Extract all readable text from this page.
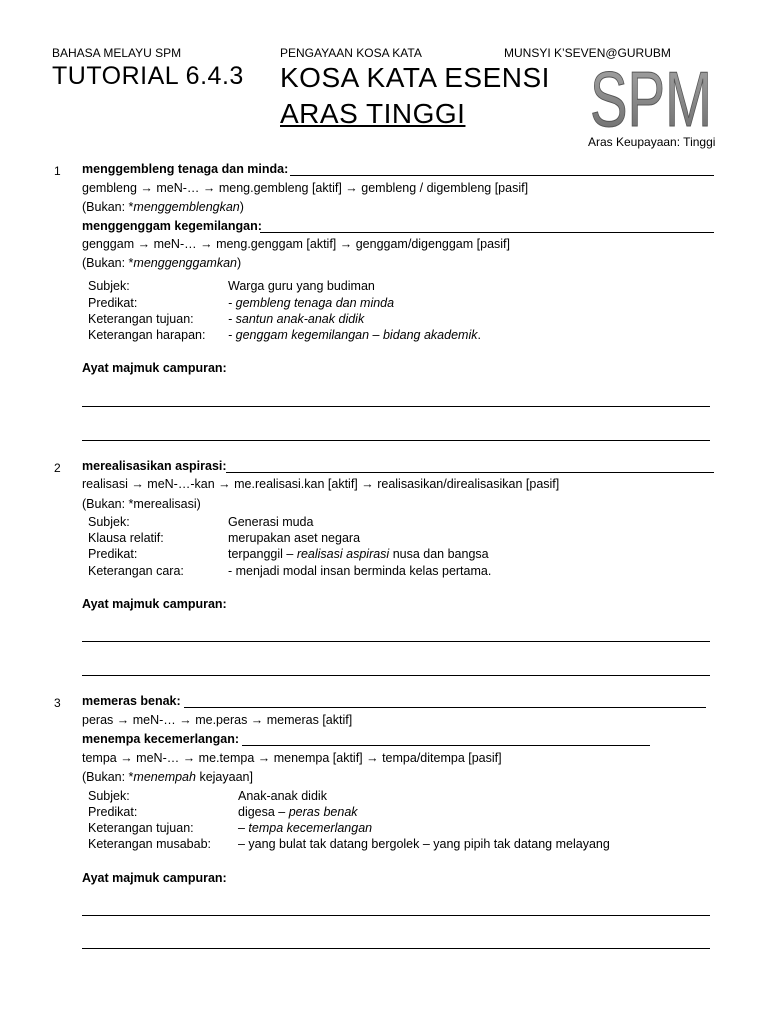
BAHASA MELAYU SPM	PENGAYAAN KOSA KATA	MUNSYI K’SEVEN@GURUBM
TUTORIAL 6.4.3 KOSA KATA ESENSI
ARAS TINGGI SPM
Aras Keupayaan: Tinggi
1 menggembleng tenaga dan minda:
gembleng → meN-… → meng.gembleng [aktif] → gembleng / digembleng [pasif]
(Bukan: *menggemblengkan)
menggenggam kegemilangan:
genggam → meN-… → meng.genggam [aktif] → genggam/digenggam [pasif]
(Bukan: *menggenggamkan)
Subjek:	Warga guru yang budiman
Predikat:	- gembleng tenaga dan minda
Keterangan tujuan:	- santun anak-anak didik
Keterangan harapan: - genggam kegemilangan – bidang akademik.
Ayat majmuk campuran:
2 merealisasikan aspirasi:
realisasi → meN-…-kan → me.realisasi.kan [aktif] → realisasikan/direalisasikan [pasif]
(Bukan: *merealisasi)
Subjek:	Generasi muda
Klausa relatif:	merupakan aset negara
Predikat:	terpanggil – realisasi aspirasi nusa dan bangsa
Keterangan cara:	- menjadi modal insan berminda kelas pertama.
Ayat majmuk campuran:
3 memeras benak:
peras → meN-… → me.peras → memeras [aktif]
menempa kecemerlangan:
tempa → meN-… → me.tempa → menempa [aktif] → tempa/ditempa [pasif]
(Bukan: *menempah kejayaan]
Subjek:	Anak-anak didik
Predikat:	digesa – peras benak
Keterangan tujuan:	– tempa kecemerlangan
Keterangan musabab: – yang bulat tak datang bergolek – yang pipih tak datang melayang
Ayat majmuk campuran:
